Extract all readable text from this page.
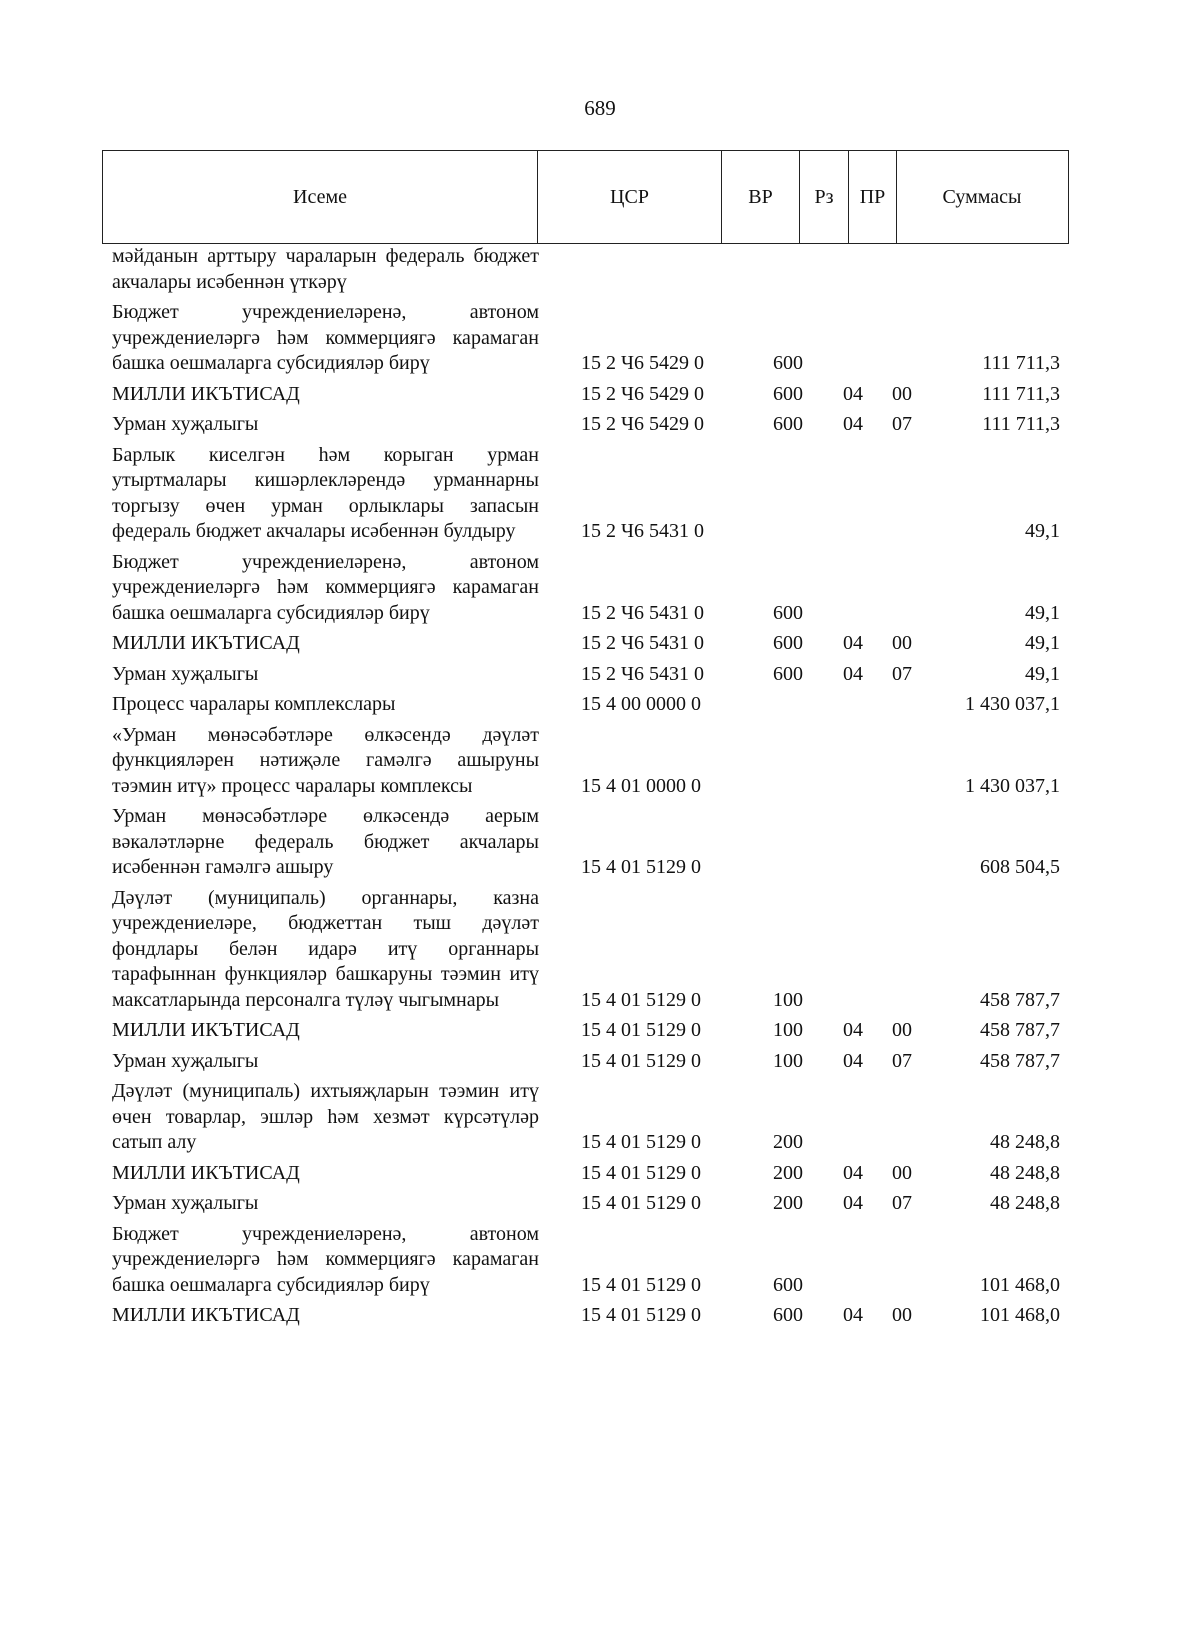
689
Исеме	ЦСР	ВР	Рз	ПР	Суммасы
мәйданын арттыру чараларын федераль бюджет акчалары исәбеннән үткәрү
Бюджет учреждениеләренә, автоном учреждениеләргә һәм коммерциягә карамаган башка оешмаларга субсидияләр бирү	15 2 Ч6 5429 0	600	111 711,3
МИЛЛИ ИКЪТИСАД	15 2 Ч6 5429 0	600 04 00	111 711,3
Урман хуҗалыгы	15 2 Ч6 5429 0	600 04 07	111 711,3
Барлык киселгән һәм корыган урман утыртмалары кишәрлекләрендә урманнарны торгызу өчен урман орлыклары запасын федераль бюджет акчалары исәбеннән булдыру	15 2 Ч6 5431 0	49,1
Бюджет учреждениеләренә, автоном учреждениеләргә һәм коммерциягә карамаган башка оешмаларга субсидияләр бирү	15 2 Ч6 5431 0	600	49,1
МИЛЛИ ИКЪТИСАД	15 2 Ч6 5431 0	600 04 00	49,1
Урман хуҗалыгы	15 2 Ч6 5431 0	600 04 07	49,1
Процесс чаралары комплекслары	15 4 00 0000 0	1 430 037,1
«Урман мөнәсәбәтләре өлкәсендә дәүләт функцияләрен нәтиҗәле гамәлгә ашыруны тәэмин итү» процесс чаралары комплексы	15 4 01 0000 0	1 430 037,1
Урман мөнәсәбәтләре өлкәсендә аерым вәкаләтләрне федераль бюджет акчалары исәбеннән гамәлгә ашыру	15 4 01 5129 0	608 504,5
Дәүләт (муниципаль) органнары, казна учреждениеләре, бюджеттан тыш дәүләт фондлары белән идарә итү органнары тарафыннан функцияләр башкаруны тәэмин итү максатларында персоналга түләү чыгымнары	15 4 01 5129 0	100	458 787,7
МИЛЛИ ИКЪТИСАД	15 4 01 5129 0	100 04 00	458 787,7
Урман хуҗалыгы	15 4 01 5129 0	100 04 07	458 787,7
Дәүләт (муниципаль) ихтыяҗларын тәэмин итү өчен товарлар, эшләр һәм хезмәт күрсәтүләр сатып алу	15 4 01 5129 0	200	48 248,8
МИЛЛИ ИКЪТИСАД	15 4 01 5129 0	200 04 00	48 248,8
Урман хуҗалыгы	15 4 01 5129 0	200 04 07	48 248,8
Бюджет учреждениеләренә, автоном учреждениеләргә һәм коммерциягә карамаган башка оешмаларга субсидияләр бирү	15 4 01 5129 0	600	101 468,0
МИЛЛИ ИКЪТИСАД	15 4 01 5129 0	600 04 00	101 468,0
